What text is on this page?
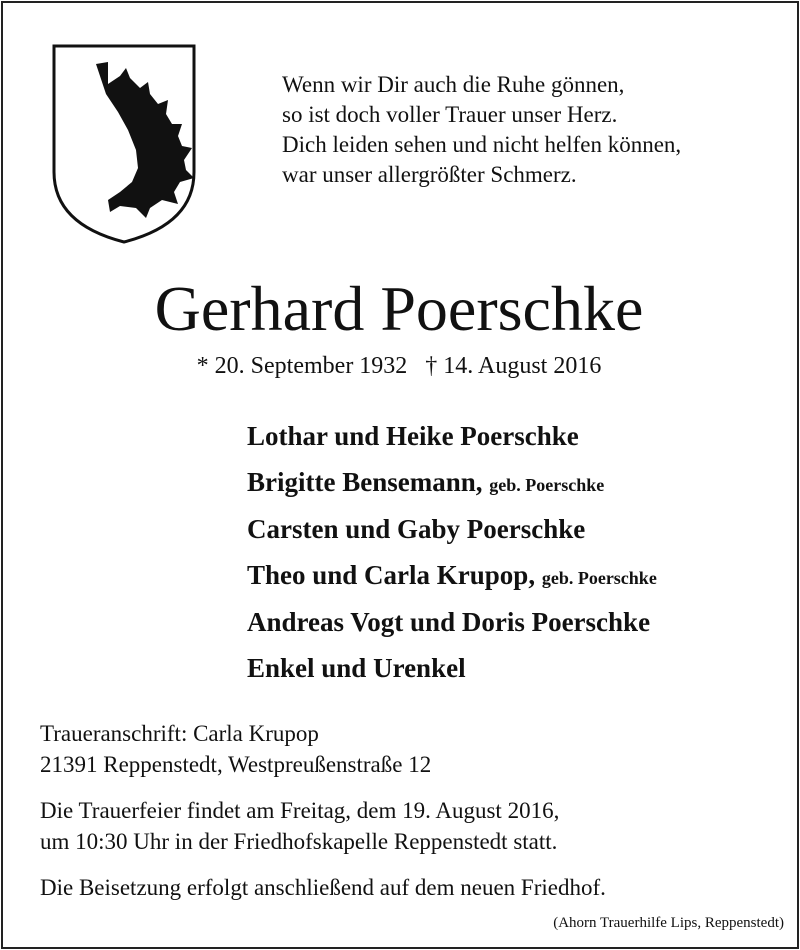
Wenn wir Dir auch die Ruhe gönnen,
so ist doch voller Trauer unser Herz.
Dich leiden sehen und nicht helfen können,
war unser allergrößter Schmerz.
Gerhard Poerschke
* 20. September 1932   † 14. August 2016
Lothar und Heike Poerschke
Brigitte Bensemann, geb. Poerschke
Carsten und Gaby Poerschke
Theo und Carla Krupop, geb. Poerschke
Andreas Vogt und Doris Poerschke
Enkel und Urenkel
Traueranschrift: Carla Krupop
21391 Reppenstedt, Westpreußenstraße 12
Die Trauerfeier findet am Freitag, dem 19. August 2016,
um 10:30 Uhr in der Friedhofskapelle Reppenstedt statt.
Die Beisetzung erfolgt anschließend auf dem neuen Friedhof.
(Ahorn Trauerhilfe Lips, Reppenstedt)
